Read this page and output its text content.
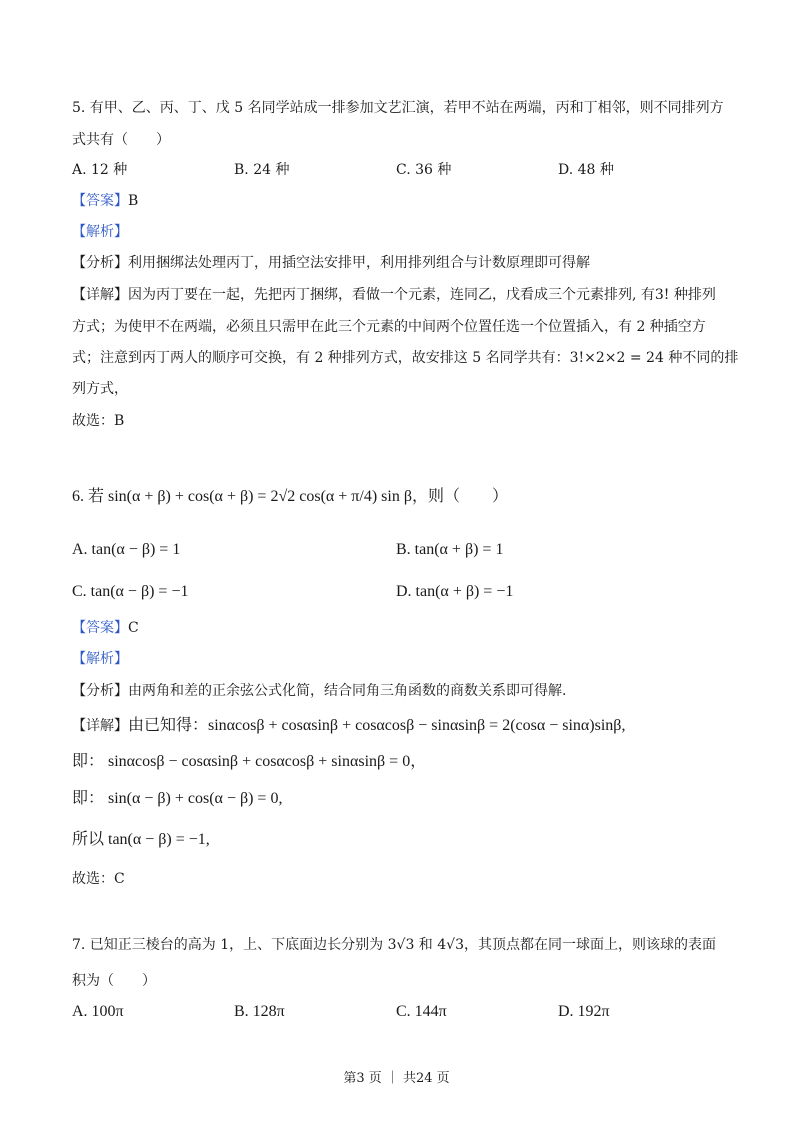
5. 有甲、乙、丙、丁、戊 5 名同学站成一排参加文艺汇演，若甲不站在两端，丙和丁相邻，则不同排列方
式共有（　　）
A. 12 种	B. 24 种	C. 36 种	D. 48 种
【答案】B
【解析】
【分析】利用捆绑法处理丙丁，用插空法安排甲，利用排列组合与计数原理即可得解
【详解】因为丙丁要在一起，先把丙丁捆绑，看做一个元素，连同乙，戊看成三个元素排列, 有3! 种排列
方式；为使甲不在两端，必须且只需甲在此三个元素的中间两个位置任选一个位置插入，有 2 种插空方
式；注意到丙丁两人的顺序可交换，有 2 种排列方式，故安排这 5 名同学共有：3!×2×2 = 24 种不同的排
列方式，
故选：B
6. 若 sin(α + β) + cos(α + β) = 2√2 cos(α + π/4) sin β，则（　　）
A. tan(α − β) = 1	B. tan(α + β) = 1
C. tan(α − β) = −1	D. tan(α + β) = −1
【答案】C
【解析】
【分析】由两角和差的正余弦公式化简，结合同角三角函数的商数关系即可得解.
【详解】由已知得：sinαcosβ + cosαsinβ + cosαcosβ − sinαsinβ = 2(cosα − sinα)sinβ,
即： sinαcosβ − cosαsinβ + cosαcosβ + sinαsinβ = 0，
即： sin(α − β) + cos(α − β) = 0,
所以 tan(α − β) = −1,
故选：C
7. 已知正三棱台的高为 1，上、下底面边长分别为 3√3 和 4√3，其顶点都在同一球面上，则该球的表面
积为（　　）
A. 100π	B. 128π	C. 144π	D. 192π
第3 页 ｜ 共24 页
